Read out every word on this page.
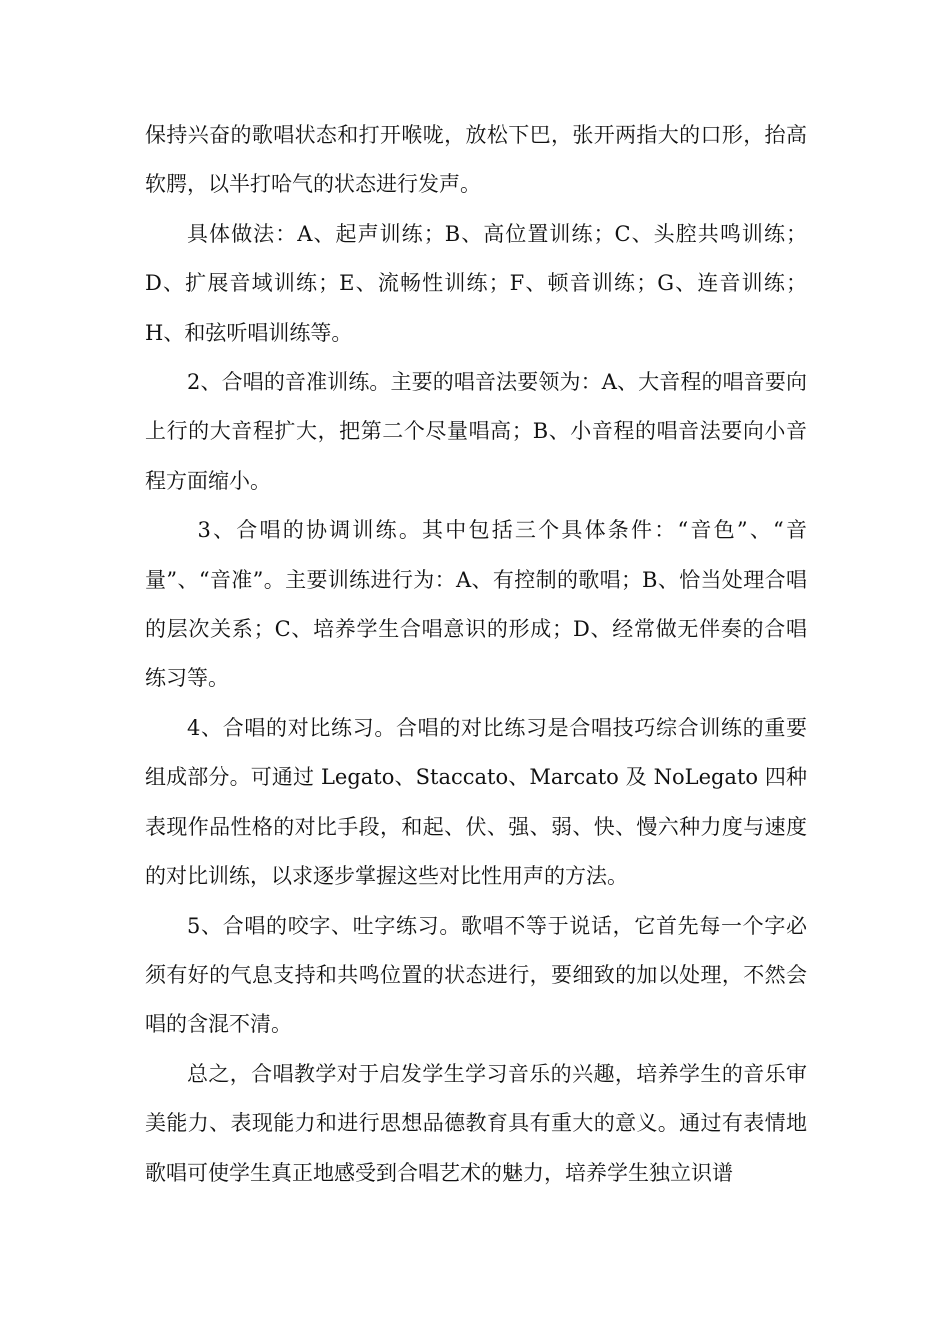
保持兴奋的歌唱状态和打开喉咙，放松下巴，张开两指大的口形，抬高软腭，以半打哈气的状态进行发声。

具体做法：A、起声训练；B、高位置训练；C、头腔共鸣训练；D、扩展音域训练；E、流畅性训练；F、顿音训练；G、连音训练；H、和弦听唱训练等。

2、合唱的音准训练。主要的唱音法要领为：A、大音程的唱音要向上行的大音程扩大，把第二个尽量唱高；B、小音程的唱音法要向小音程方面缩小。

3、合唱的协调训练。其中包括三个具体条件：“音色”、“音量”、“音准”。主要训练进行为：A、有控制的歌唱；B、恰当处理合唱的层次关系；C、培养学生合唱意识的形成；D、经常做无伴奏的合唱练习等。

4、合唱的对比练习。合唱的对比练习是合唱技巧综合训练的重要组成部分。可通过 Legato、Staccato、Marcato 及 NoLegato 四种表现作品性格的对比手段，和起、伏、强、弱、快、慢六种力度与速度的对比训练，以求逐步掌握这些对比性用声的方法。

5、合唱的咬字、吐字练习。歌唱不等于说话，它首先每一个字必须有好的气息支持和共鸣位置的状态进行，要细致的加以处理，不然会唱的含混不清。

总之，合唱教学对于启发学生学习音乐的兴趣，培养学生的音乐审美能力、表现能力和进行思想品德教育具有重大的意义。通过有表情地歌唱可使学生真正地感受到合唱艺术的魅力，培养学生独立识谱
